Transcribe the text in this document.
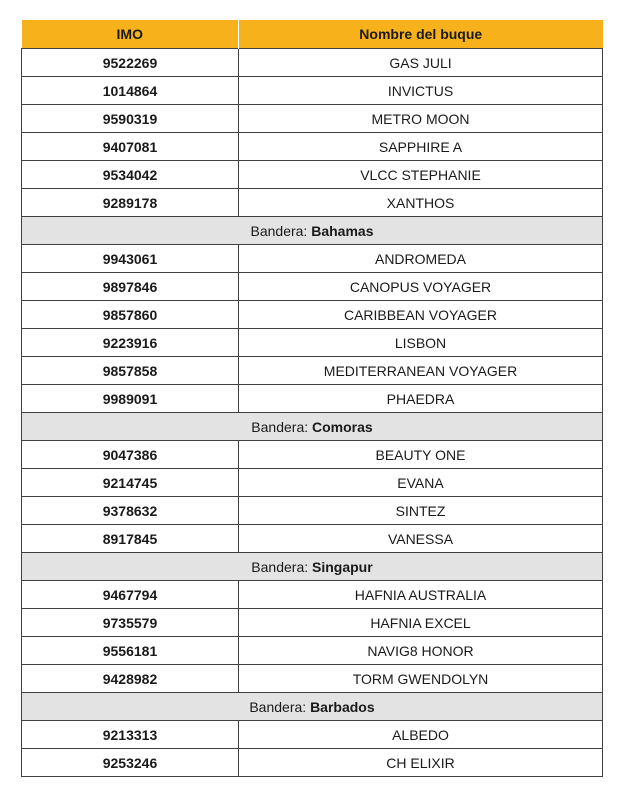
IMO	Nombre del buque
9522269	GAS JULI
1014864	INVICTUS
9590319	METRO MOON
9407081	SAPPHIRE A
9534042	VLCC STEPHANIE
9289178	XANTHOS
Bandera: Bahamas	
9943061	ANDROMEDA
9897846	CANOPUS VOYAGER
9857860	CARIBBEAN VOYAGER
9223916	LISBON
9857858	MEDITERRANEAN VOYAGER
9989091	PHAEDRA
Bandera: Comoras	
9047386	BEAUTY ONE
9214745	EVANA
9378632	SINTEZ
8917845	VANESSA
Bandera: Singapur	
9467794	HAFNIA AUSTRALIA
9735579	HAFNIA EXCEL
9556181	NAVIG8 HONOR
9428982	TORM GWENDOLYN
Bandera: Barbados	
9213313	ALBEDO
9253246	CH ELIXIR
